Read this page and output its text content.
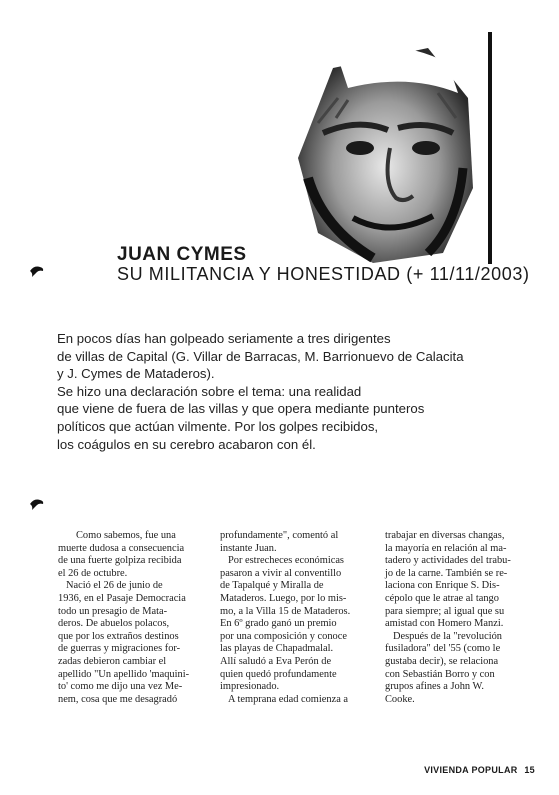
JUAN CYMES
SU MILITANCIA Y HONESTIDAD (+ 11/11/2003)
En pocos días han golpeado seriamente a tres dirigentes
de villas de Capital (G. Villar de Barracas, M. Barrionuevo de Calacita
y J. Cymes de Mataderos).
Se hizo una declaración sobre el tema: una realidad
que viene de fuera de las villas y que opera mediante punteros
políticos que actúan vilmente. Por los golpes recibidos,
los coágulos en su cerebro acabaron con él.

Como sabemos, fue una

muerte dudosa a consecuencia

de una fuerte golpiza recibida

el 26 de octubre.

Nació el 26 de junio de

1936, en el Pasaje Democracia

todo un presagio de Mata-

deros. De abuelos polacos,

que por los extraños destinos

de guerras y migraciones for-

zadas debieron cambiar el

apellido "Un apellido 'maquini-

to' como me dijo una vez Me-

nem, cosa que me desagradó

profundamente", comentó al

instante Juan.

Por estrecheces económicas

pasaron a vivir al conventillo

de Tapalqué y Miralla de

Mataderos. Luego, por lo mis-

mo, a la Villa 15 de Mataderos.

En 6º grado ganó un premio

por una composición y conoce

las playas de Chapadmalal.

Allí saludó a Eva Perón de

quien quedó profundamente

impresionado.

A temprana edad comienza a

trabajar en diversas changas,

la mayoría en relación al ma-

tadero y actividades del trabu-

jo de la carne. También se re-

laciona con Enrique S. Dis-

cépolo que le atrae al tango

para siempre; al igual que su

amistad con Homero Manzi.

Después de la "revolución

fusiladora" del '55 (como le

gustaba decir), se relaciona

con Sebastián Borro y con

grupos afines a John W.

Cooke.

VIVIENDA POPULAR 15
